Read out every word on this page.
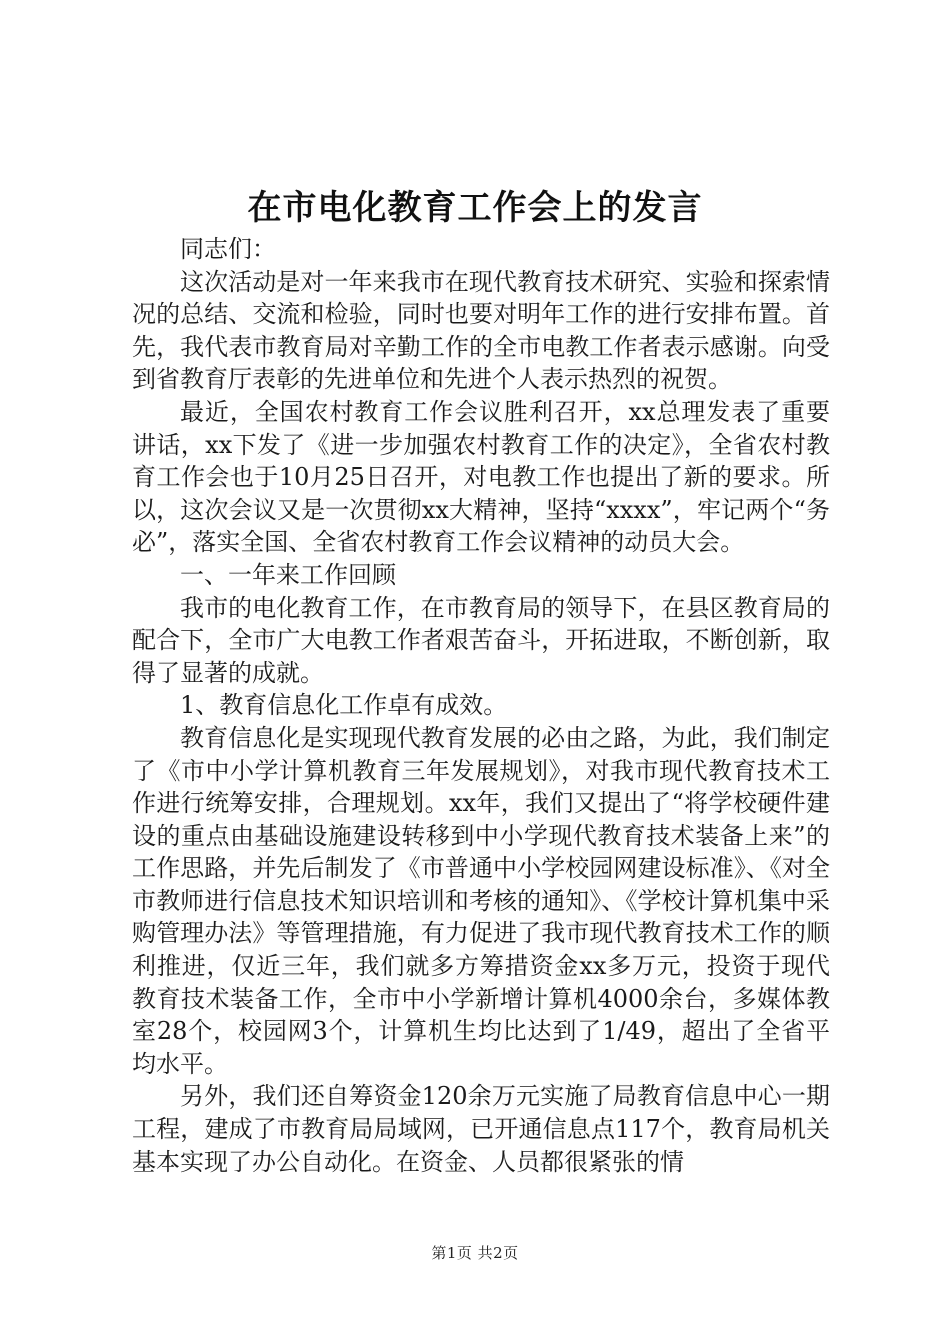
在市电化教育工作会上的发言

同志们：

这次活动是对一年来我市在现代教育技术研究、实验和探索情况的总结、交流和检验，同时也要对明年工作的进行安排布置。首先，我代表市教育局对辛勤工作的全市电教工作者表示感谢。向受到省教育厅表彰的先进单位和先进个人表示热烈的祝贺。

最近，全国农村教育工作会议胜利召开，xx总理发表了重要讲话，xx下发了《进一步加强农村教育工作的决定》，全省农村教育工作会也于10月25日召开，对电教工作也提出了新的要求。所以，这次会议又是一次贯彻xx大精神，坚持“xxxx”，牢记两个“务必”，落实全国、全省农村教育工作会议精神的动员大会。

一、一年来工作回顾

我市的电化教育工作，在市教育局的领导下，在县区教育局的配合下，全市广大电教工作者艰苦奋斗，开拓进取，不断创新，取得了显著的成就。

1、教育信息化工作卓有成效。

教育信息化是实现现代教育发展的必由之路，为此，我们制定了《市中小学计算机教育三年发展规划》，对我市现代教育技术工作进行统筹安排，合理规划。xx年，我们又提出了“将学校硬件建设的重点由基础设施建设转移到中小学现代教育技术装备上来”的工作思路，并先后制发了《市普通中小学校园网建设标准》、《对全市教师进行信息技术知识培训和考核的通知》、《学校计算机集中采购管理办法》等管理措施，有力促进了我市现代教育技术工作的顺利推进，仅近三年，我们就多方筹措资金xx多万元，投资于现代教育技术装备工作，全市中小学新增计算机4000余台，多媒体教室28个，校园网3个，计算机生均比达到了1/49，超出了全省平均水平。

另外，我们还自筹资金120余万元实施了局教育信息中心一期工程，建成了市教育局局域网，已开通信息点117个，教育局机关基本实现了办公自动化。在资金、人员都很紧张的情

第1页 共2页
